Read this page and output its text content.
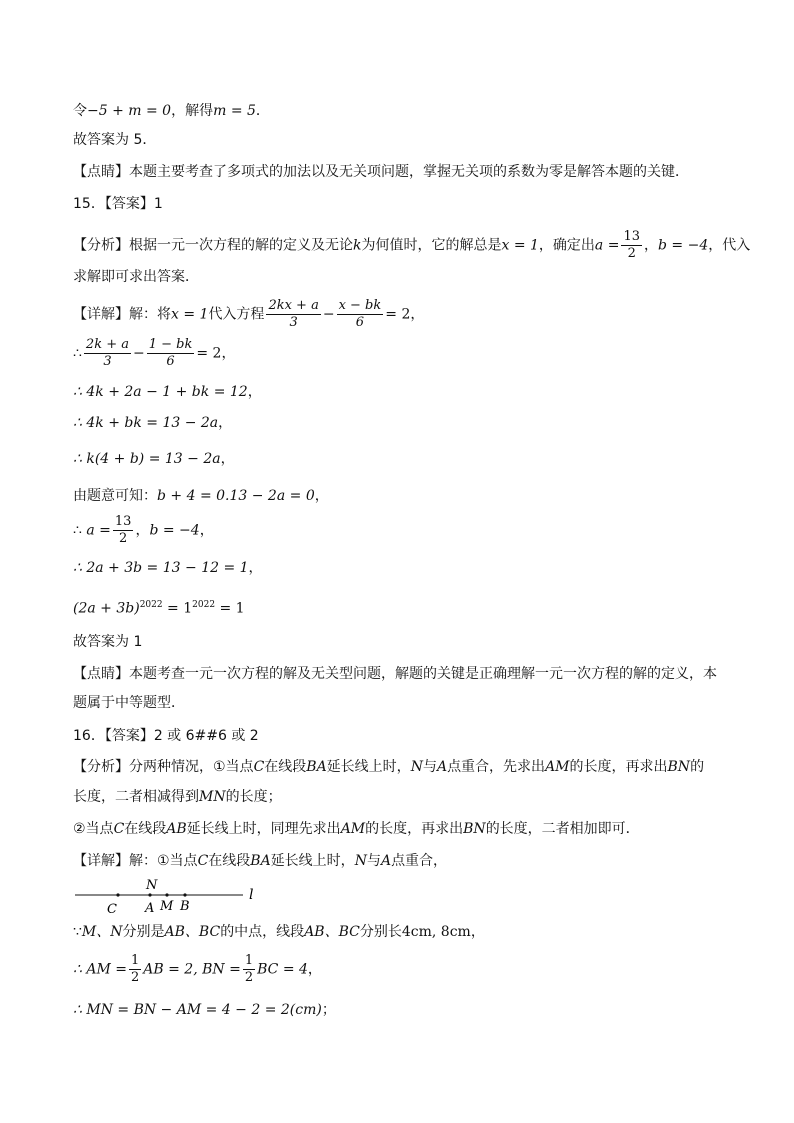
令−5 + m = 0，解得m = 5．
故答案为 5．
【点睛】本题主要考查了多项式的加法以及无关项问题，掌握无关项的系数为零是解答本题的关键．
15．【答案】1
【分析】根据一元一次方程的解的定义及无论k为何值时，它的解总是x = 1，确定出$a = \frac{13}{2}$ ，b = −4，代入
求解即可求出答案．
【详解】解：将x = 1代入方程 $\frac{2kx + a}{3} - \frac{x - bk}{6} = 2$，
∴ $\frac{2k + a}{3} - \frac{1 - bk}{6} = 2$，
∴ 4k + 2a − 1 + bk = 12，
∴ 4k + bk = 13 − 2a，
∴ k(4 + b) = 13 − 2a，
由题意可知：b + 4 = 0.13 − 2a = 0，
∴ $a = \frac{13}{2}$ ，b = −4，
∴ 2a + 3b = 13 − 12 = 1，
$(2a + 3b)^{2022} = 1^{2022} = 1$
故答案为 1
【点睛】本题考查一元一次方程的解及无关型问题，解题的关键是正确理解一元一次方程的解的定义，本
题属于中等题型．
16．【答案】2 或 6##6 或 2
【分析】分两种情况，①当点C在线段BA延长线上时，N与A点重合，先求出AM的长度，再求出BN的
长度，二者相减得到MN的长度；
②当点C在线段AB延长线上时，同理先求出AM的长度，再求出BN的长度，二者相加即可．
【详解】解：①当点C在线段BA延长线上时，N与A点重合，
N
C A M B
l
∵M、N分别是AB、BC的中点，线段AB、BC分别长4cm, 8cm，
∴ AM = $\frac{1}{2}$ AB = 2, BN = $\frac{1}{2}$ BC = 4，
∴ MN = BN − AM = 4 − 2 = 2(cm)；
